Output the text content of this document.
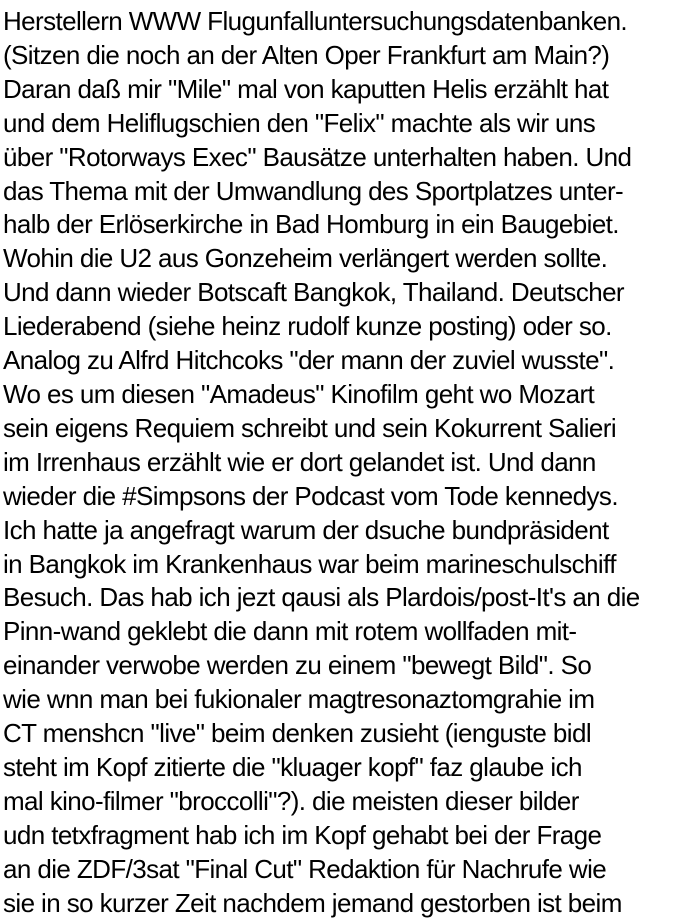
Herstellern WWW Flugunfalluntersuchungsdatenbanken.
(Sitzen die noch an der Alten Oper Frankfurt am Main?)
Daran daß mir "Mile" mal von kaputten Helis erzählt hat
und dem Heliflugschien den "Felix" machte als wir uns
über "Rotorways Exec" Bausätze unterhalten haben. Und
das Thema mit der Umwandlung des Sportplatzes unter-
halb der Erlöserkirche in Bad Homburg in ein Baugebiet.
Wohin die U2 aus Gonzeheim verlängert werden sollte.
Und dann wieder Botscaft Bangkok, Thailand. Deutscher
Liederabend (siehe heinz rudolf kunze posting) oder so.
Analog zu Alfrd Hitchcoks "der mann der zuviel wusste".
Wo es um diesen "Amadeus" Kinofilm geht wo Mozart
sein eigens Requiem schreibt und sein Kokurrent Salieri
im Irrenhaus erzählt wie er dort gelandet ist. Und dann
wieder die #Simpsons der Podcast vom Tode kennedys.
Ich hatte ja angefragt warum der dsuche bundpräsident
in Bangkok im Krankenhaus war beim marineschulschiff
Besuch. Das hab ich jezt qausi als Plardois/post-It's an die
Pinn-wand geklebt die dann mit rotem wollfaden mit-
einander verwobe werden zu einem "bewegt Bild". So
wie wnn man bei fukionaler magtresonaztomgrahie im
CT menshcn "live" beim denken zusieht (ienguste bidl
steht im Kopf zitierte die "kluager kopf" faz glaube ich
mal kino-filmer "broccolli"?). die meisten dieser bilder
udn tetxfragment hab ich im Kopf gehabt bei der Frage
an die ZDF/3sat "Final Cut" Redaktion für Nachrufe wie
sie in so kurzer Zeit nachdem jemand gestorben ist beim
